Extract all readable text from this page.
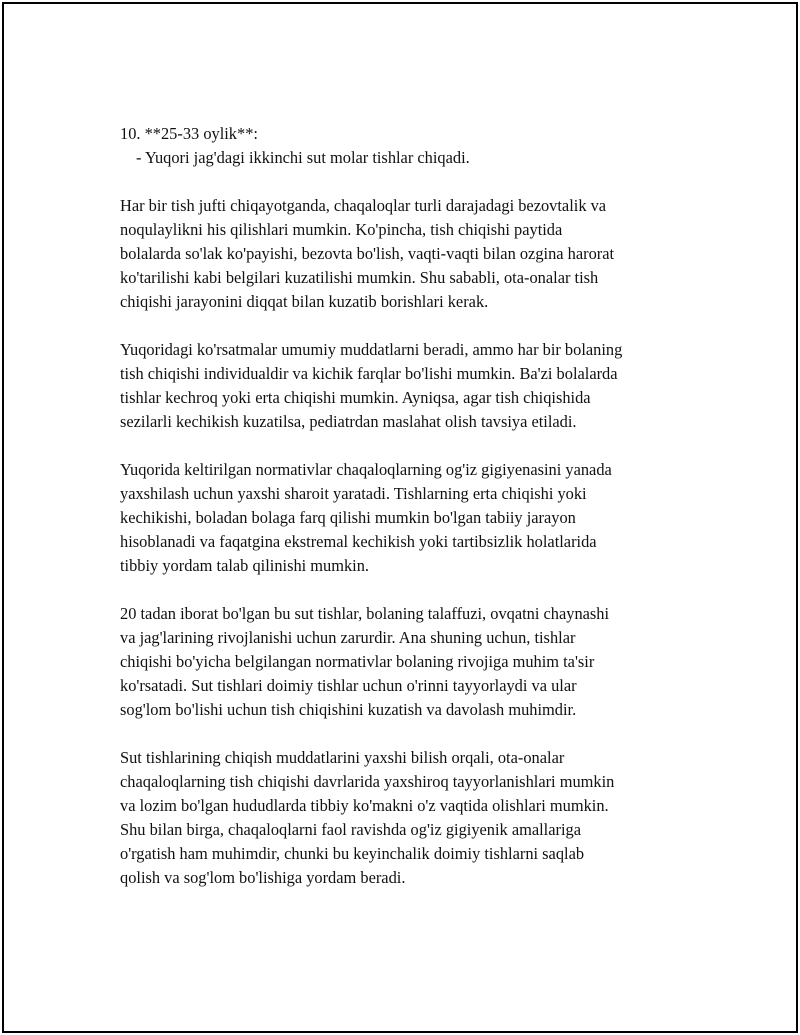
10. **25-33 oylik**:

- Yuqori jag'dagi ikkinchi sut molar tishlar chiqadi.

Har bir tish jufti chiqayotganda, chaqaloqlar turli darajadagi bezovtalik va
noqulaylikni his qilishlari mumkin. Ko'pincha, tish chiqishi paytida
bolalarda so'lak ko'payishi, bezovta bo'lish, vaqti-vaqti bilan ozgina harorat
ko'tarilishi kabi belgilari kuzatilishi mumkin. Shu sababli, ota-onalar tish
chiqishi jarayonini diqqat bilan kuzatib borishlari kerak.

Yuqoridagi ko'rsatmalar umumiy muddatlarni beradi, ammo har bir bolaning
tish chiqishi individualdir va kichik farqlar bo'lishi mumkin. Ba'zi bolalarda
tishlar kechroq yoki erta chiqishi mumkin. Ayniqsa, agar tish chiqishida
sezilarli kechikish kuzatilsa, pediatrdan maslahat olish tavsiya etiladi.

Yuqorida keltirilgan normativlar chaqaloqlarning og'iz gigiyenasini yanada
yaxshilash uchun yaxshi sharoit yaratadi. Tishlarning erta chiqishi yoki
kechikishi, boladan bolaga farq qilishi mumkin bo'lgan tabiiy jarayon
hisoblanadi va faqatgina ekstremal kechikish yoki tartibsizlik holatlarida
tibbiy yordam talab qilinishi mumkin.

20 tadan iborat bo'lgan bu sut tishlar, bolaning talaffuzi, ovqatni chaynashi
va jag'larining rivojlanishi uchun zarurdir. Ana shuning uchun, tishlar
chiqishi bo'yicha belgilangan normativlar bolaning rivojiga muhim ta'sir
ko'rsatadi. Sut tishlari doimiy tishlar uchun o'rinni tayyorlaydi va ular
sog'lom bo'lishi uchun tish chiqishini kuzatish va davolash muhimdir.

Sut tishlarining chiqish muddatlarini yaxshi bilish orqali, ota-onalar
chaqaloqlarning tish chiqishi davrlarida yaxshiroq tayyorlanishlari mumkin
va lozim bo'lgan hududlarda tibbiy ko'makni o'z vaqtida olishlari mumkin.
Shu bilan birga, chaqaloqlarni faol ravishda og'iz gigiyenik amallariga
o'rgatish ham muhimdir, chunki bu keyinchalik doimiy tishlarni saqlab
qolish va sog'lom bo'lishiga yordam beradi.
